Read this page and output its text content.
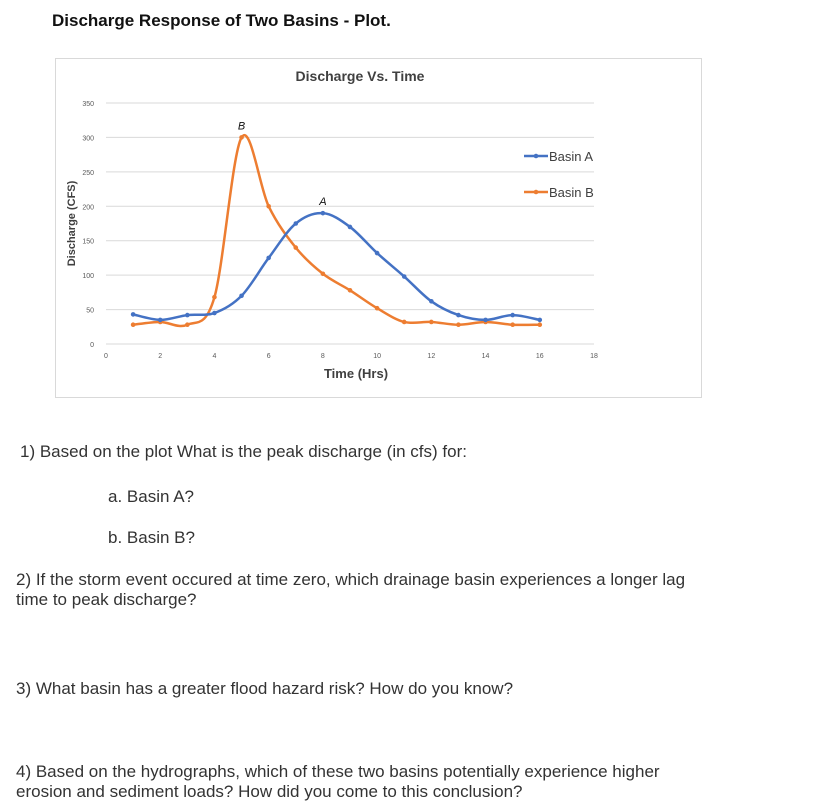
Discharge Response of Two Basins - Plot.
Discharge Vs. Time
0
50
100
150
200
250
300
350
0	2	4	6	8	10	12	14	16	18
Time (Hrs)
Discharge (CFS)	A
B
Basin A
Basin B
1) Based on the plot What is the peak discharge (in cfs) for:
a. Basin A?
b. Basin B?
2) If the storm event occured at time zero, which drainage basin experiences a longer lag time to peak discharge?
3) What basin has a greater flood hazard risk? How do you know?
4) Based on the hydrographs, which of these two basins potentially experience higher erosion and sediment loads? How did you come to this conclusion?
